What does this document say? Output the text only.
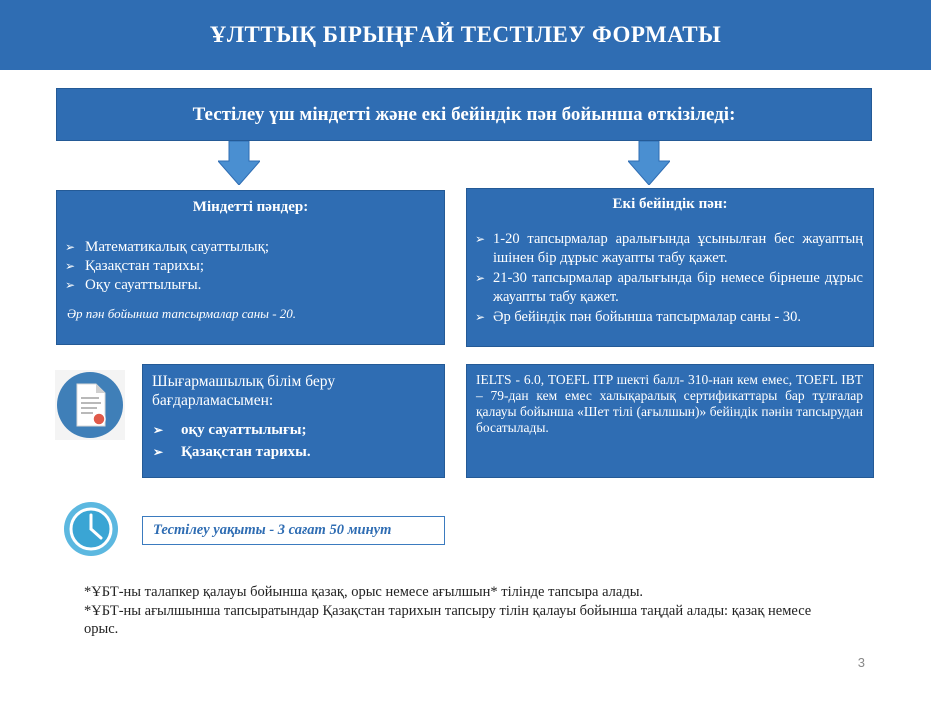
ҰЛТТЫҚ БІРЫҢҒАЙ ТЕСТІЛЕУ ФОРМАТЫ
Тестілеу үш міндетті және екі бейіндік пән бойынша өткізіледі:
Міндетті пәндер:
➢ Математикалық сауаттылық;
➢ Қазақстан тарихы;
➢ Оқу сауаттылығы.
Әр пән бойынша тапсырмалар саны - 20.
Екі бейіндік пән:
➢ 1-20 тапсырмалар аралығында ұсынылған бес жауаптың ішінен бір дұрыс жауапты табу қажет.
➢ 21-30 тапсырмалар аралығында бір немесе бірнеше дұрыс жауапты табу қажет.
➢ Әр бейіндік пән бойынша тапсырмалар саны - 30.
Шығармашылық білім беру бағдарламасымен:
➢ оқу сауаттылығы;
➢ Қазақстан тарихы.
IELTS - 6.0, TOEFL ITP шекті балл- 310-нан кем емес, TOEFL IBT – 79-дан кем емес халықаралық сертификаттары бар тұлғалар қалауы бойынша «Шет тілі (ағылшын)» бейіндік пәнін тапсырудан босатылады.
Тестілеу уақыты - 3 сағат 50 минут
*ҰБТ-ны талапкер қалауы бойынша қазақ, орыс немесе ағылшын* тілінде тапсыра алады.
*ҰБТ-ны ағылшынша тапсыратындар Қазақстан тарихын тапсыру тілін қалауы бойынша таңдай алады: қазақ немесе орыс.
3
